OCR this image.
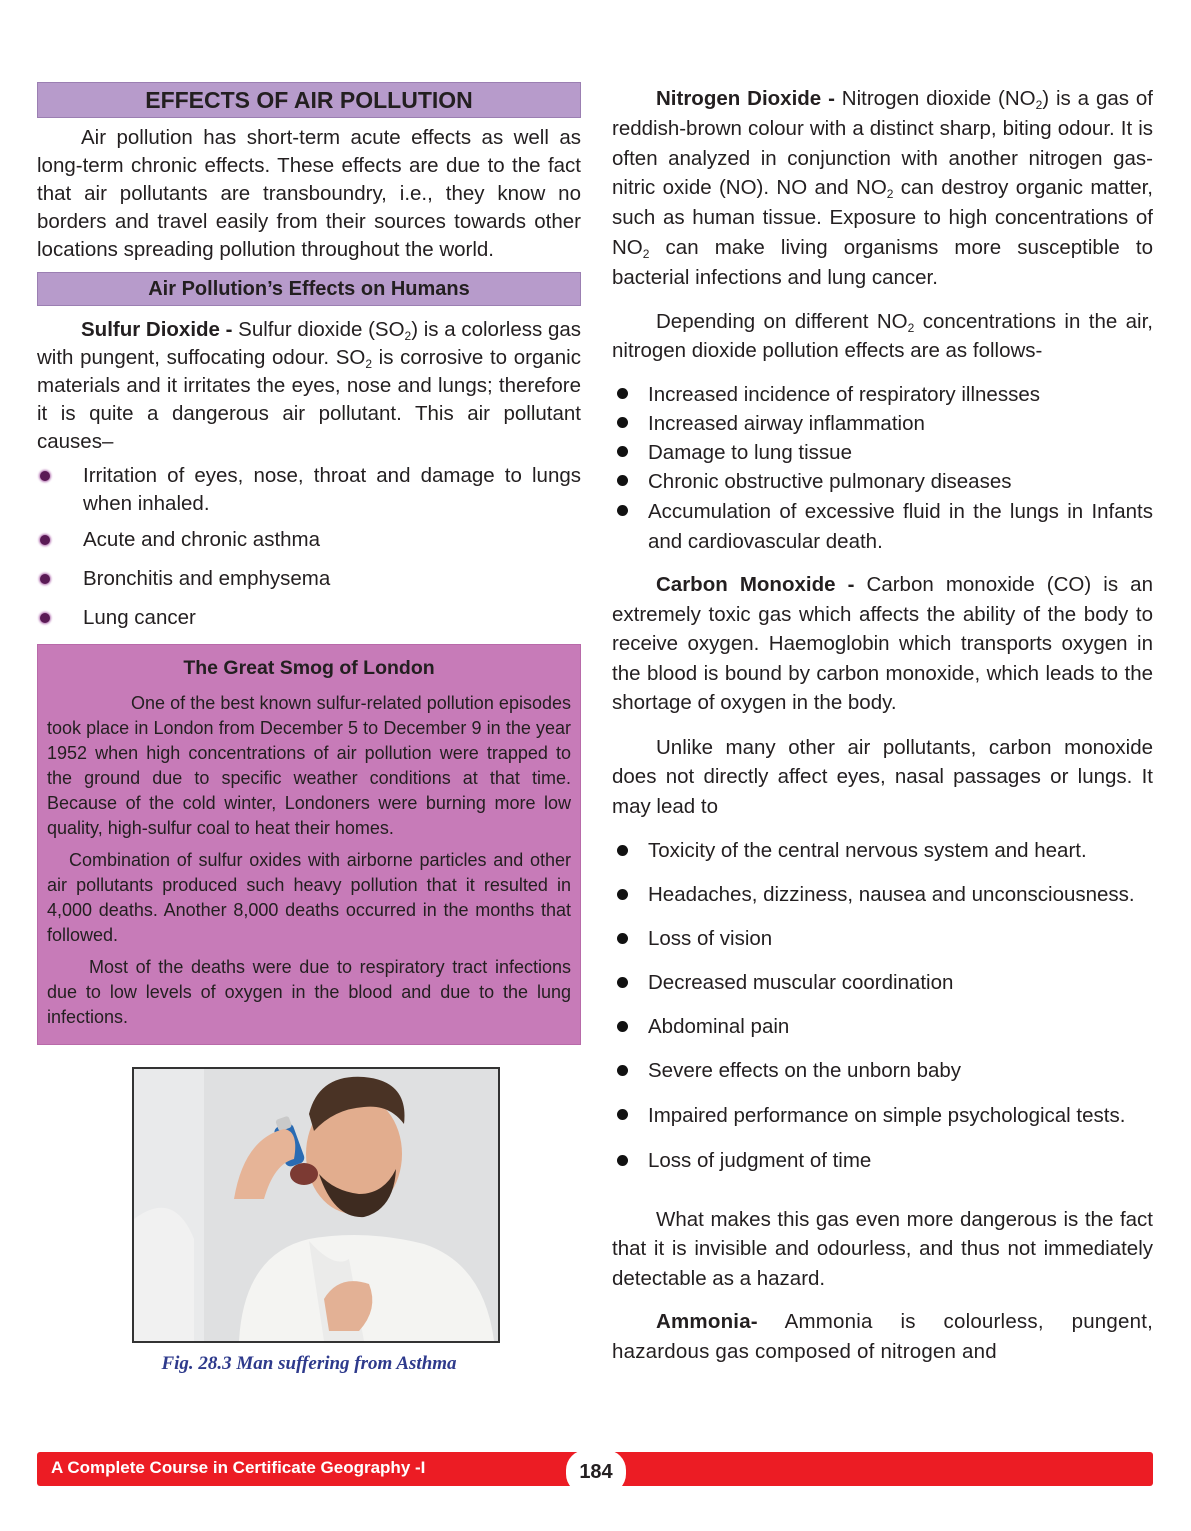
EFFECTS OF AIR POLLUTION

Air pollution has short-term acute effects as well as long-term chronic effects. These effects are due to the fact that air pollutants are transboundry, i.e., they know no borders and travel easily from their sources towards other locations spreading pollution throughout the world.

Air Pollution’s Effects on Humans

Sulfur Dioxide - Sulfur dioxide $(SO_2)$ is a colorless gas with pungent, suffocating odour. $SO_2$ is corrosive to organic materials and it irritates the eyes, nose and lungs; therefore it is quite a dangerous air pollutant. This air pollutant causes–

Irritation of eyes, nose, throat and damage to lungs when inhaled.
Acute and chronic asthma
Bronchitis and emphysema
Lung cancer
The Great Smog of London

One of the best known sulfur-related pollution episodes took place in London from December 5 to December 9 in the year 1952 when high concentrations of air pollution were trapped to the ground due to specific weather conditions at that time. Because of the cold winter, Londoners were burning more low quality, high-sulfur coal to heat their homes.

Combination of sulfur oxides with airborne particles and other air pollutants produced such heavy pollution that it resulted in 4,000 deaths. Another 8,000 deaths occurred in the months that followed.

Most of the deaths were due to respiratory tract infections due to low levels of oxygen in the blood and due to the lung infections.

Fig. 28.3 Man suffering from Asthma

Nitrogen Dioxide - Nitrogen dioxide $(NO_2)$ is a gas of reddish-brown colour with a distinct sharp, biting odour. It is often analyzed in conjunction with another nitrogen gas- nitric oxide (NO). NO and $NO_2$ can destroy organic matter, such as human tissue. Exposure to high concentrations of $NO_2$ can make living organisms more susceptible to bacterial infections and lung cancer.

Depending on different $NO_2$ concentrations in the air, nitrogen dioxide pollution effects are as follows-

Increased incidence of respiratory illnesses
Increased airway inflammation
Damage to lung tissue
Chronic obstructive pulmonary diseases
Accumulation of excessive fluid in the lungs in Infants and cardiovascular death.

Carbon Monoxide - Carbon monoxide (CO) is an extremely toxic gas which affects the ability of the body to receive oxygen. Haemoglobin which transports oxygen in the blood is bound by carbon monoxide, which leads to the shortage of oxygen in the body.

Unlike many other air pollutants, carbon monoxide does not directly affect eyes, nasal passages or lungs. It may lead to

Toxicity of the central nervous system and heart.
Headaches, dizziness, nausea and unconsciousness.
Loss of vision
Decreased muscular coordination
Abdominal pain
Severe effects on the unborn baby
Impaired performance on simple psychological tests.
Loss of judgment of time

What makes this gas even more dangerous is the fact that it is invisible and odourless, and thus not immediately detectable as a hazard.

Ammonia- Ammonia is colourless, pungent, hazardous gas composed of nitrogen and

A Complete Course in Certificate Geography -I	184
